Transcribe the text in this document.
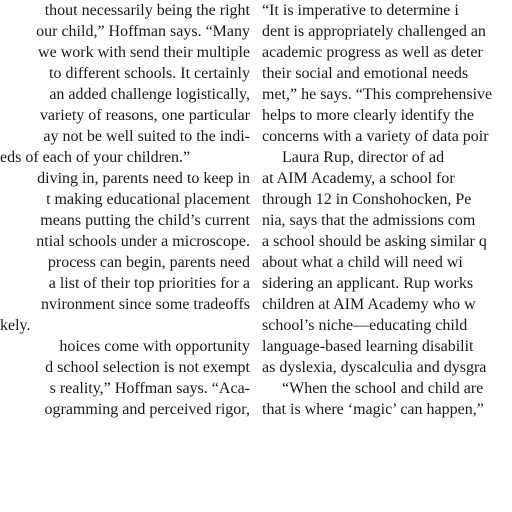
thout necessarily being the right
our child,” Hoffman says. “Many
we work with send their multiple
to different schools. It certainly
an added challenge logistically,
variety of reasons, one particular
ay not be well suited to the indi-
eds of each of your children.”
diving in, parents need to keep in
t making educational placement
means putting the child’s current
ntial schools under a microscope.
process can begin, parents need
a list of their top priorities for a
nvironment since some tradeoffs
kely.
hoices come with opportunity
d school selection is not exempt
s reality,” Hoffman says. “Aca-
ogramming and perceived rigor,
“It is imperative to determine i
dent is appropriately challenged an
academic progress as well as deter
their social and emotional needs
met,” he says. “This comprehensive
helps to more clearly identify the
concerns with a variety of data poir
Laura Rup, director of ad
at AIM Academy, a school for
through 12 in Conshohocken, Pe
nia, says that the admissions com
a school should be asking similar q
about what a child will need wi
sidering an applicant. Rup works
children at AIM Academy who w
school’s niche—educating child
language-based learning disabilit
as dyslexia, dyscalculia and dysgra
“When the school and child are
that is where ‘magic’ can happen,”
